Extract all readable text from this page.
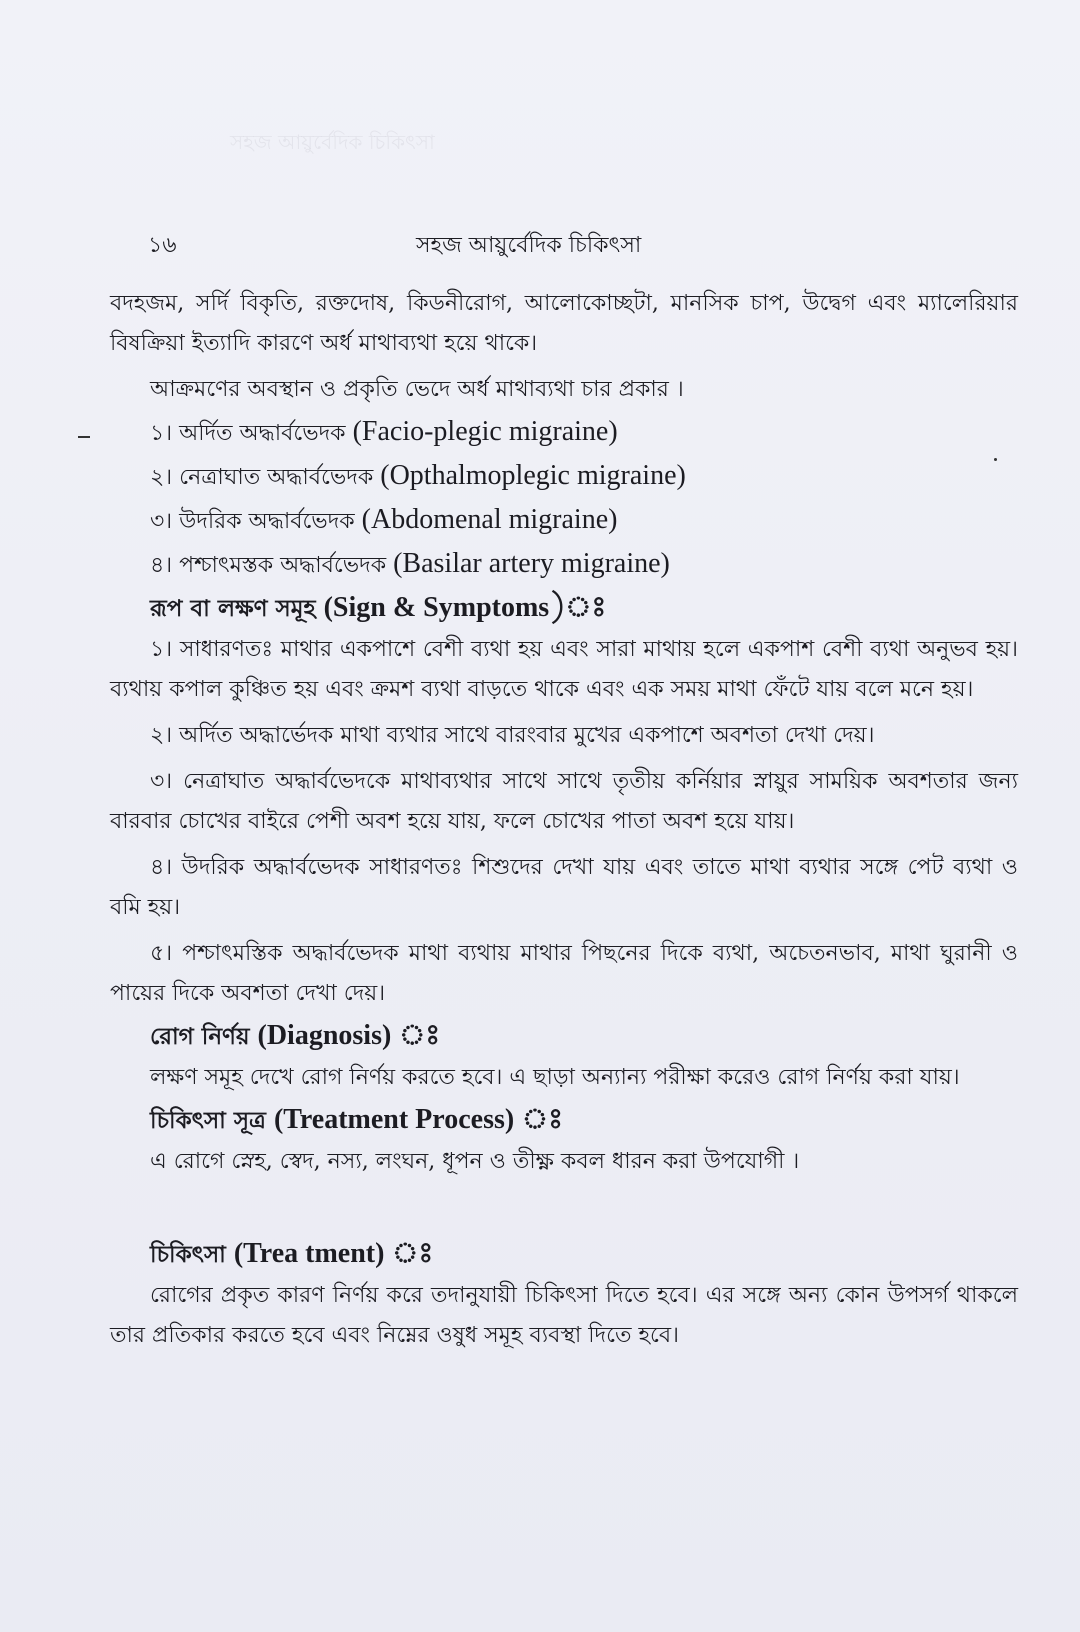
সহজ আয়ুর্বেদিক চিকিৎসা
১৬	সহজ আয়ুর্বেদিক চিকিৎসা

বদহজম, সর্দি বিকৃতি, রক্তদোষ, কিডনীরোগ, আলোকোচ্ছটা, মানসিক চাপ, উদ্বেগ এবং ম্যালেরিয়ার বিষক্রিয়া ইত্যাদি কারণে অর্ধ মাথাব্যথা হয়ে থাকে।

আক্রমণের অবস্থান ও প্রকৃতি ভেদে অর্ধ মাথাব্যথা চার প্রকার ।

১। অর্দিত অদ্ধার্বভেদক (Facio-plegic migraine)

২। নেত্রাঘাত অদ্ধার্বভেদক (Opthalmoplegic migraine)

৩। উদরিক অদ্ধার্বভেদক (Abdomenal migraine)

৪। পশ্চাৎমস্তক অদ্ধার্বভেদক (Basilar artery migraine)

রূপ বা লক্ষণ সমূহ (Sign & Symptoms)ঃ

১। সাধারণতঃ মাথার একপাশে বেশী ব্যথা হয় এবং সারা মাথায় হলে একপাশ বেশী ব্যথা অনুভব হয়। ব্যথায় কপাল কুঞ্চিত হয় এবং ক্রমশ ব্যথা বাড়তে থাকে এবং এক সময় মাথা ফেঁটে যায় বলে মনে হয়।

২। অর্দিত অদ্ধার্ভেদক মাথা ব্যথার সাথে বারংবার মুখের একপাশে অবশতা দেখা দেয়।

৩। নেত্রাঘাত অদ্ধার্বভেদকে মাথাব্যথার সাথে সাথে তৃতীয় কর্নিয়ার স্নায়ুর সাময়িক অবশতার জন্য বারবার চোখের বাইরে পেশী অবশ হয়ে যায়, ফলে চোখের পাতা অবশ হয়ে যায়।

৪। উদরিক অদ্ধার্বভেদক সাধারণতঃ শিশুদের দেখা যায় এবং তাতে মাথা ব্যথার সঙ্গে পেট ব্যথা ও বমি হয়।

৫। পশ্চাৎমস্তিক অদ্ধার্বভেদক মাথা ব্যথায় মাথার পিছনের দিকে ব্যথা, অচেতনভাব, মাথা ঘুরানী ও পায়ের দিকে অবশতা দেখা দেয়।

রোগ নির্ণয় (Diagnosis) ঃ

লক্ষণ সমূহ দেখে রোগ নির্ণয় করতে হবে। এ ছাড়া অন্যান্য পরীক্ষা করেও রোগ নির্ণয় করা যায়।

চিকিৎসা সূত্র (Treatment Process) ঃ

এ রোগে স্নেহ, স্বেদ, নস্য, লংঘন, ধূপন ও তীক্ষ্ণ কবল ধারন করা উপযোগী ।

চিকিৎসা (Trea tment) ঃ

রোগের প্রকৃত কারণ নির্ণয় করে তদানুযায়ী চিকিৎসা দিতে হবে। এর সঙ্গে অন্য কোন উপসর্গ থাকলে তার প্রতিকার করতে হবে এবং নিম্নের ওষুধ সমূহ ব্যবস্থা দিতে হবে।
